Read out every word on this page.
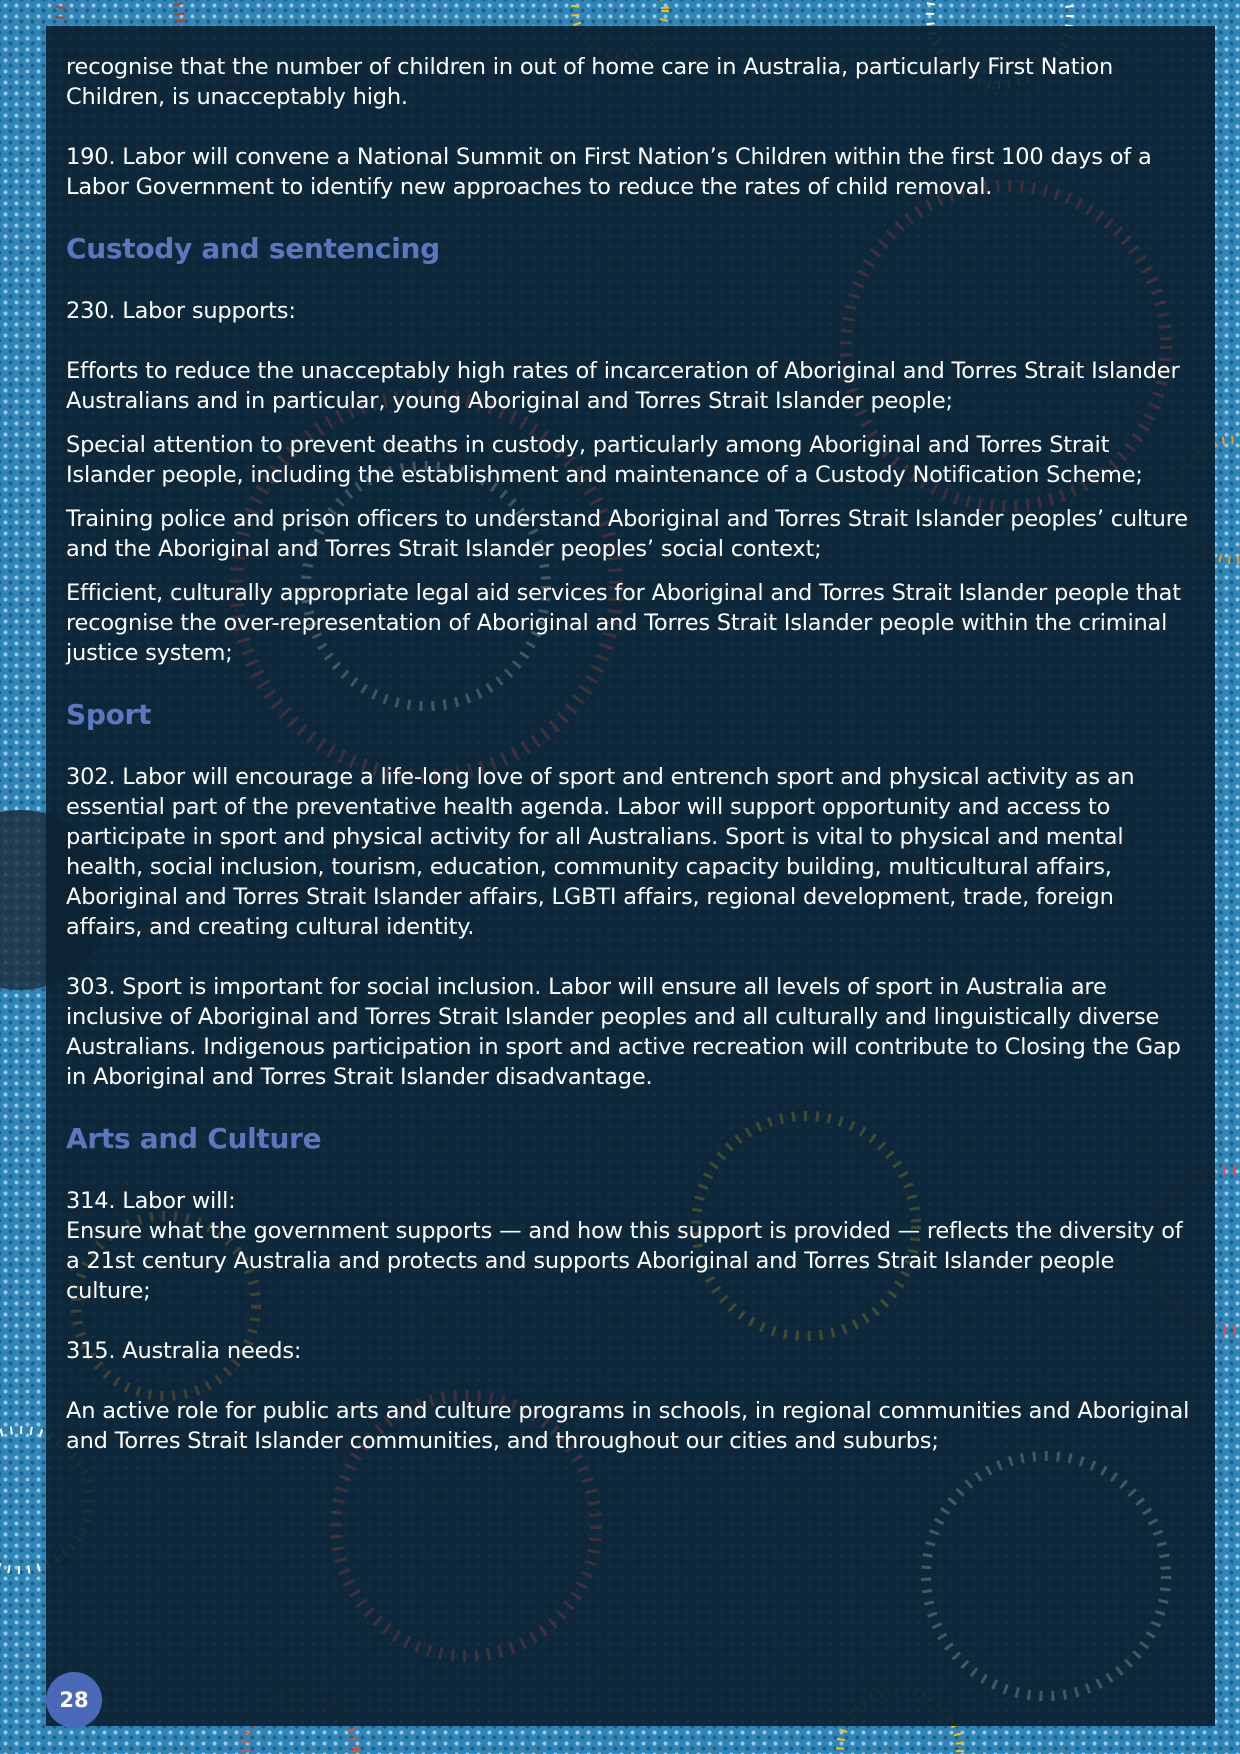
recognise that the number of children in out of home care in Australia, particularly First Nation Children, is unacceptably high.

190. Labor will convene a National Summit on First Nation’s Children within the first 100 days of a Labor Government to identify new approaches to reduce the rates of child removal.

Custody and sentencing

230. Labor supports:

Efforts to reduce the unacceptably high rates of incarceration of Aboriginal and Torres Strait Islander Australians and in particular, young Aboriginal and Torres Strait Islander people;

Special attention to prevent deaths in custody, particularly among Aboriginal and Torres Strait Islander people, including the establishment and maintenance of a Custody Notification Scheme;

Training police and prison officers to understand Aboriginal and Torres Strait Islander peoples’ culture and the Aboriginal and Torres Strait Islander peoples’ social context;

Efficient, culturally appropriate legal aid services for Aboriginal and Torres Strait Islander people that recognise the over-representation of Aboriginal and Torres Strait Islander people within the criminal justice system;

Sport

302. Labor will encourage a life-long love of sport and entrench sport and physical activity as an essential part of the preventative health agenda. Labor will support opportunity and access to participate in sport and physical activity for all Australians. Sport is vital to physical and mental health, social inclusion, tourism, education, community capacity building, multicultural affairs, Aboriginal and Torres Strait Islander affairs, LGBTI affairs, regional development, trade, foreign affairs, and creating cultural identity.

303. Sport is important for social inclusion. Labor will ensure all levels of sport in Australia are inclusive of Aboriginal and Torres Strait Islander peoples and all culturally and linguistically diverse Australians. Indigenous participation in sport and active recreation will contribute to Closing the Gap in Aboriginal and Torres Strait Islander disadvantage.

Arts and Culture

314. Labor will:

Ensure what the government supports — and how this support is provided — reflects the diversity of a 21st century Australia and protects and supports Aboriginal and Torres Strait Islander people culture;

315. Australia needs:

An active role for public arts and culture programs in schools, in regional communities and Aboriginal and Torres Strait Islander communities, and throughout our cities and suburbs;

28
